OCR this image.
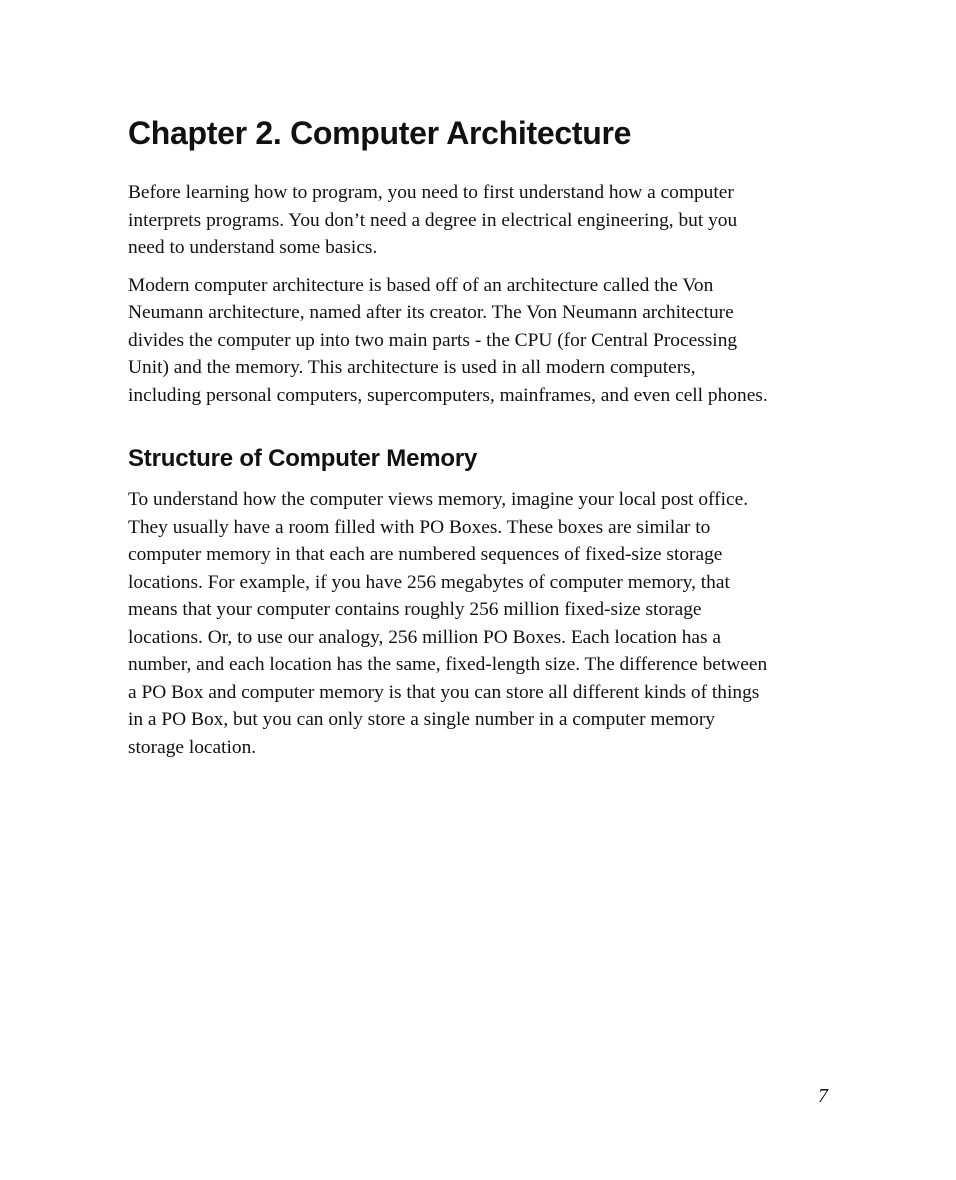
Chapter 2. Computer Architecture

Before learning how to program, you need to first understand how a computer
interprets programs. You don’t need a degree in electrical engineering, but you
need to understand some basics.

Modern computer architecture is based off of an architecture called the Von
Neumann architecture, named after its creator. The Von Neumann architecture
divides the computer up into two main parts - the CPU (for Central Processing
Unit) and the memory. This architecture is used in all modern computers,
including personal computers, supercomputers, mainframes, and even cell phones.

Structure of Computer Memory

To understand how the computer views memory, imagine your local post office.
They usually have a room filled with PO Boxes. These boxes are similar to
computer memory in that each are numbered sequences of fixed-size storage
locations. For example, if you have 256 megabytes of computer memory, that
means that your computer contains roughly 256 million fixed-size storage
locations. Or, to use our analogy, 256 million PO Boxes. Each location has a
number, and each location has the same, fixed-length size. The difference between
a PO Box and computer memory is that you can store all different kinds of things
in a PO Box, but you can only store a single number in a computer memory
storage location.

7
